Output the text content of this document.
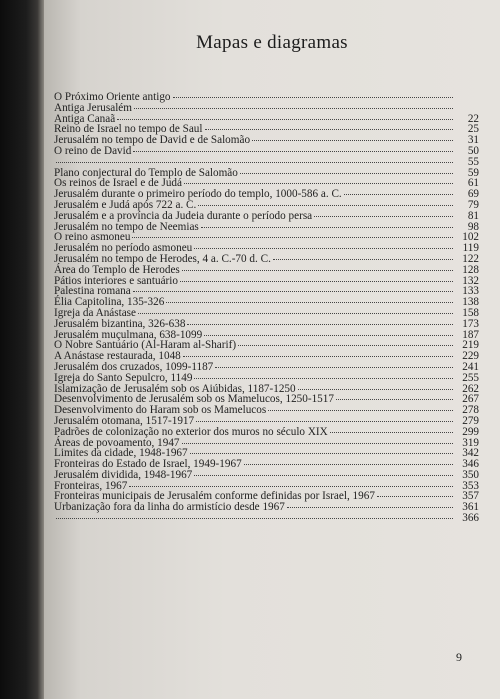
Mapas e diagramas
O Próximo Oriente antigo
Antiga Jerusalém
Antiga Canaã	22
Reino de Israel no tempo de Saul	25
Jerusalém no tempo de David e de Salomão	31
O reino de David	50
55
Plano conjectural do Templo de Salomão	59
Os reinos de Israel e de Judá	61
Jerusalém durante o primeiro período do templo, 1000-586 a. C.	69
Jerusalém e Judá após 722 a. C.	79
Jerusalém e a província da Judeia durante o período persa	81
Jerusalém no tempo de Neemias	98
O reino asmoneu	102
Jerusalém no período asmoneu	119
Jerusalém no tempo de Herodes, 4 a. C.-70 d. C.	122
Área do Templo de Herodes	128
Pátios interiores e santuário	132
Palestina romana	133
Élia Capitolina, 135-326	138
Igreja da Anástase	158
Jerusalém bizantina, 326-638	173
Jerusalém muçulmana, 638-1099	187
O Nobre Santuário (Al-Haram al-Sharif)	219
A Anástase restaurada, 1048	229
Jerusalém dos cruzados, 1099-1187	241
Igreja do Santo Sepulcro, 1149	255
Islamização de Jerusalém sob os Aiúbidas, 1187-1250	262
Desenvolvimento de Jerusalém sob os Mamelucos, 1250-1517	267
Desenvolvimento do Haram sob os Mamelucos	278
Jerusalém otomana, 1517-1917	279
Padrões de colonização no exterior dos muros no século XIX	299
Áreas de povoamento, 1947	319
Limites da cidade, 1948-1967	342
Fronteiras do Estado de Israel, 1949-1967	346
Jerusalém dividida, 1948-1967	350
Fronteiras, 1967	353
Fronteiras municipais de Jerusalém conforme definidas por Israel, 1967	357
Urbanização fora da linha do armistício desde 1967	361
366
9
